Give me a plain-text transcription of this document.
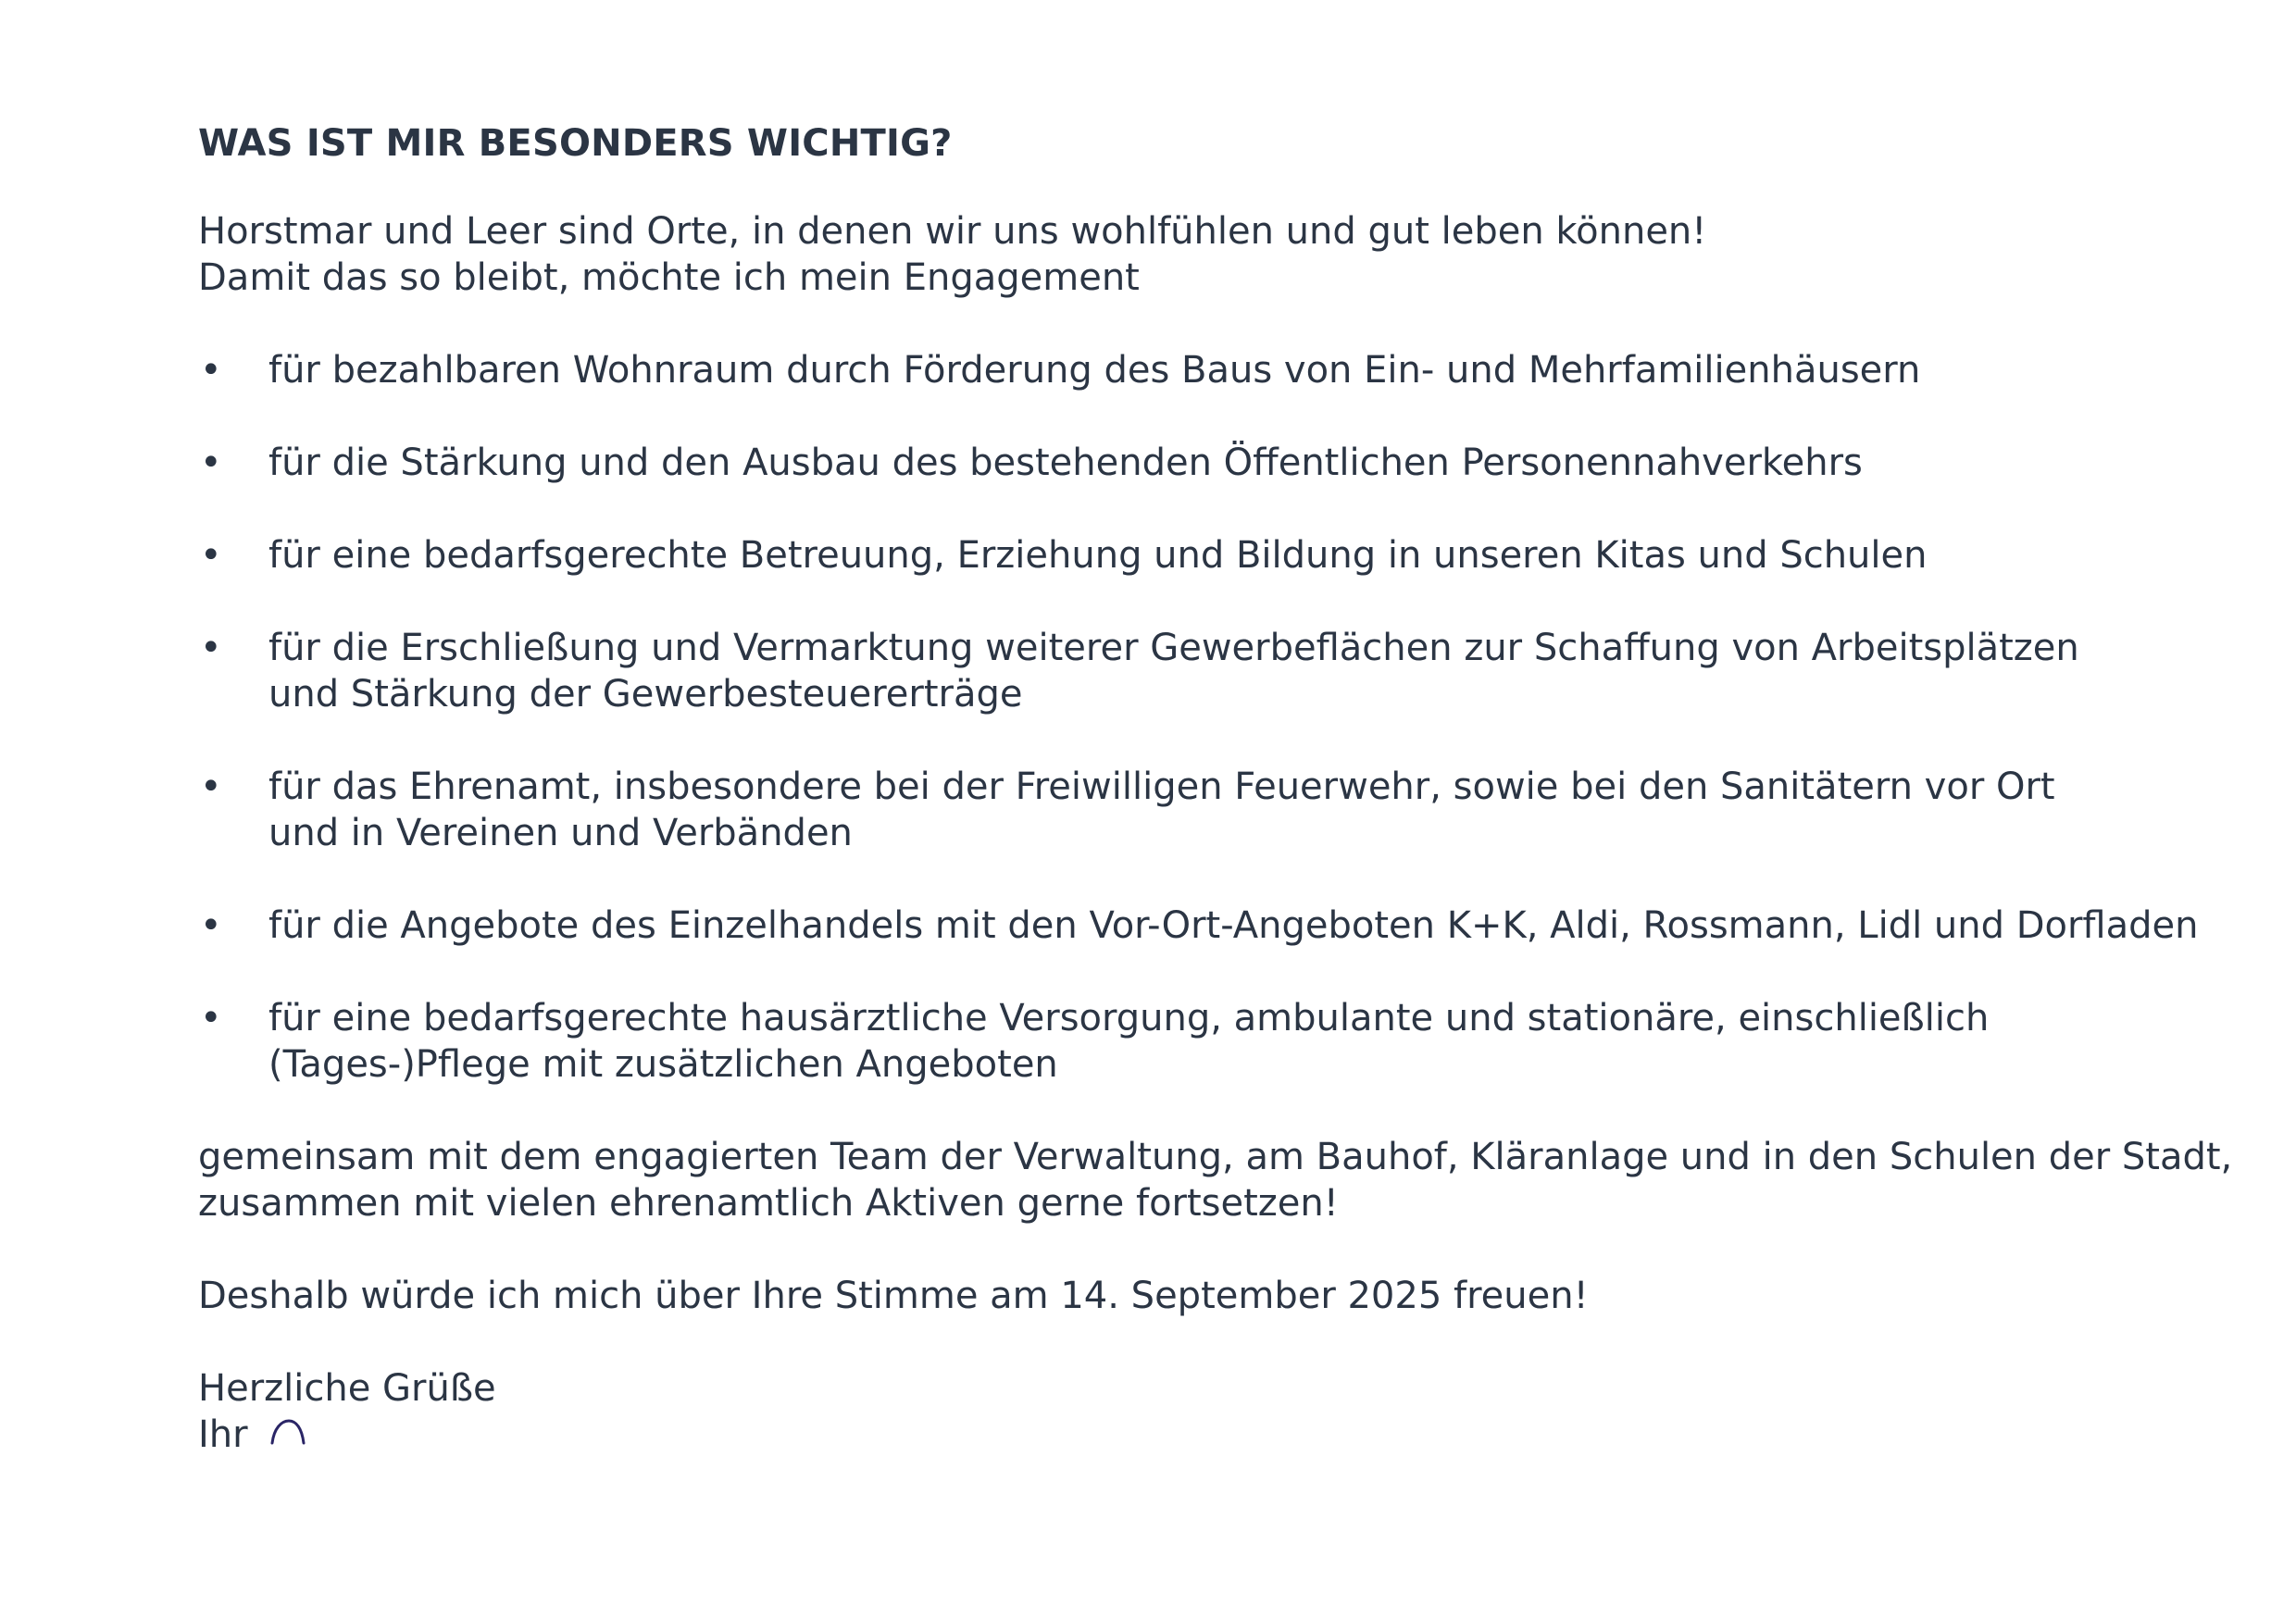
WAS IST MIR BESONDERS WICHTIG?
Horstmar und Leer sind Orte, in denen wir uns wohlfühlen und gut leben können!
Damit das so bleibt, möchte ich mein Engagement
•	für bezahlbaren Wohnraum durch Förderung des Baus von Ein- und Mehrfamilienhäusern
•	für die Stärkung und den Ausbau des bestehenden Öffentlichen Personennahverkehrs
•	für eine bedarfsgerechte Betreuung, Erziehung und Bildung in unseren Kitas und Schulen
•	für die Erschließung und Vermarktung weiterer Gewerbeflächen zur Schaffung von Arbeitsplätzen
und Stärkung der Gewerbesteuererträge
•	für das Ehrenamt, insbesondere bei der Freiwilligen Feuerwehr, sowie bei den Sanitätern vor Ort
und in Vereinen und Verbänden
•	für die Angebote des Einzelhandels mit den Vor-Ort-Angeboten K+K, Aldi, Rossmann, Lidl und Dorfladen
•	für eine bedarfsgerechte hausärztliche Versorgung, ambulante und stationäre, einschließlich
(Tages-)Pflege mit zusätzlichen Angeboten
gemeinsam mit dem engagierten Team der Verwaltung, am Bauhof, Kläranlage und in den Schulen der Stadt,
zusammen mit vielen ehrenamtlich Aktiven gerne fortsetzen!
Deshalb würde ich mich über Ihre Stimme am 14. September 2025 freuen!
Herzliche Grüße
Ihr
